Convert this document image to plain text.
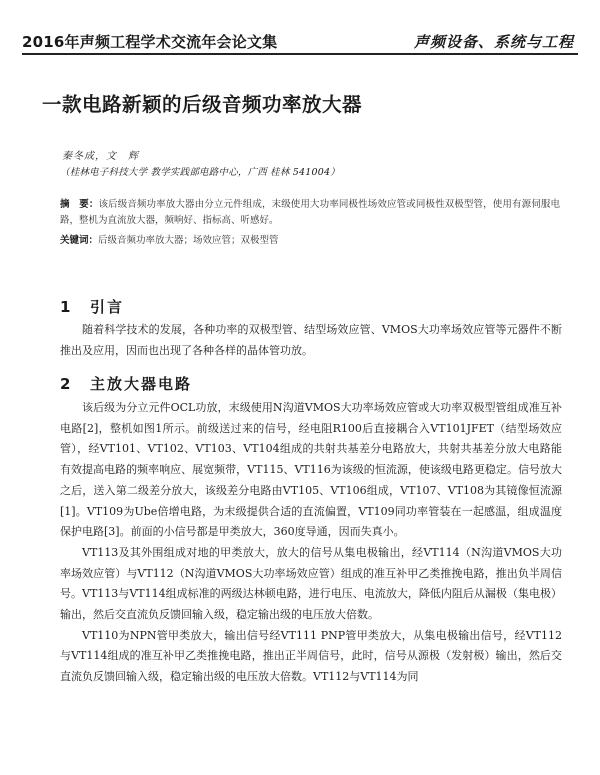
2016年声频工程学术交流年会论文集	声频设备、系统与工程
一款电路新颖的后级音频功率放大器
秦冬成，文　辉
（桂林电子科技大学 教学实践部电路中心，广西 桂林 541004）
摘　要：该后级音频功率放大器由分立元件组成，末级使用大功率同极性场效应管或同极性双极型管，使用有源伺服电路，整机为直流放大器，频响好、指标高、听感好。
关键词：后级音频功率放大器；场效应管；双极型管
1 引言

随着科学技术的发展，各种功率的双极型管、结型场效应管、VMOS大功率场效应管等元器件不断推出及应用，因而也出现了各种各样的晶体管功放。

2 主放大器电路

该后级为分立元件OCL功放，末级使用N沟道VMOS大功率场效应管或大功率双极型管组成准互补电路[2]，整机如图1所示。前级送过来的信号，经电阻R100后直接耦合入VT101JFET（结型场效应管），经VT101、VT102、VT103、VT104组成的共射共基差分电路放大，共射共基差分放大电路能有效提高电路的频率响应、展宽频带，VT115、VT116为该级的恒流源，使该级电路更稳定。信号放大之后，送入第二级差分放大，该级差分电路由VT105、VT106组成，VT107、VT108为其镜像恒流源[1]。VT109为Ube倍增电路，为末级提供合适的直流偏置，VT109同功率管装在一起感温，组成温度保护电路[3]。前面的小信号都是甲类放大，360度导通，因而失真小。

VT113及其外围组成对地的甲类放大，放大的信号从集电极输出，经VT114（N沟道VMOS大功率场效应管）与VT112（N沟道VMOS大功率场效应管）组成的准互补甲乙类推挽电路，推出负半周信号。VT113与VT114组成标准的两级达林顿电路，进行电压、电流放大，降低内阻后从漏极（集电极）输出，然后交直流负反馈回输入级，稳定输出级的电压放大倍数。

VT110为NPN管甲类放大，输出信号经VT111 PNP管甲类放大，从集电极输出信号，经VT112与VT114组成的准互补甲乙类推挽电路，推出正半周信号，此时，信号从源极（发射极）输出，然后交直流负反馈回输入级，稳定输出级的电压放大倍数。VT112与VT114为同
